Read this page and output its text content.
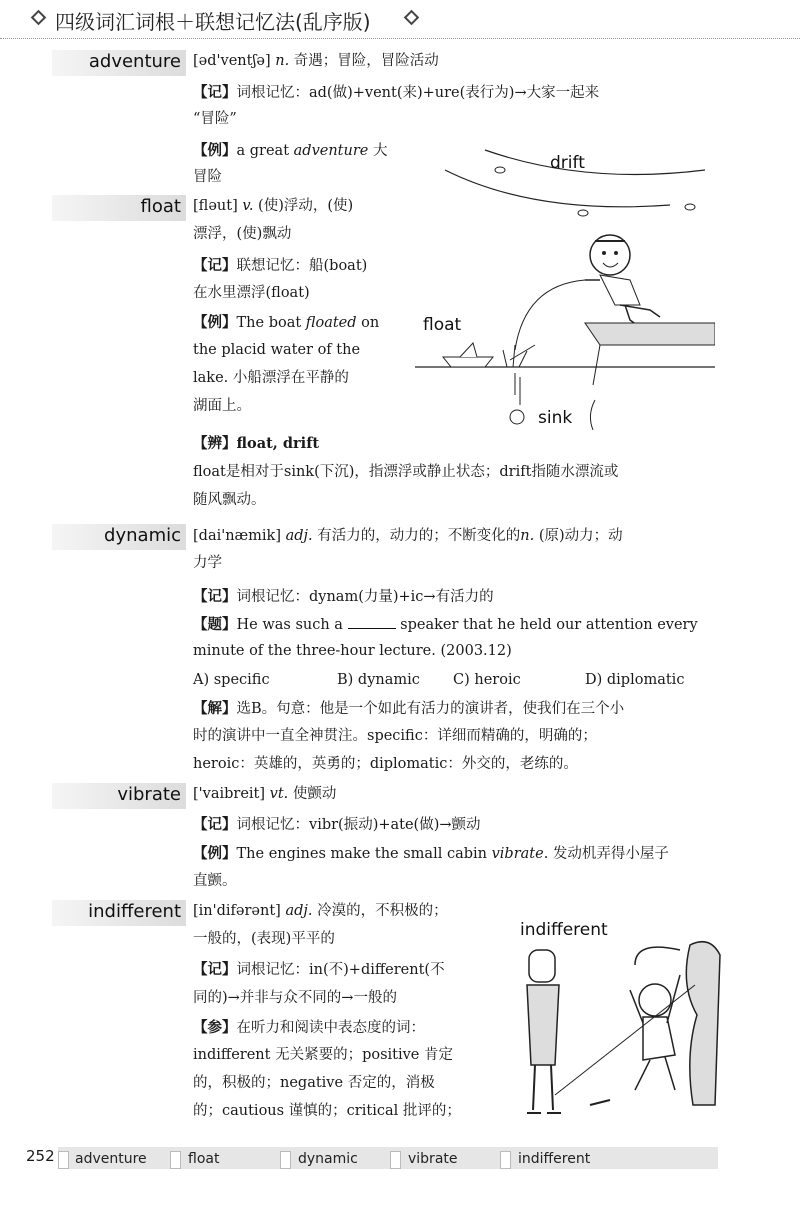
四级词汇词根＋联想记忆法(乱序版)
adventure [əd'ventʃə] n. 奇遇；冒险，冒险活动
【记】词根记忆：ad(做)+vent(来)+ure(表行为)→大家一起来
“冒险”
【例】a great adventure 大
冒险
float [fləut] v. (使)浮动，(使)
漂浮，(使)飘动
【记】联想记忆：船(boat)
在水里漂浮(float)
【例】The boat floated on
the placid water of the
lake. 小船漂浮在平静的
湖面上。
drift
float
sink
【辨】float, drift
float是相对于sink(下沉)，指漂浮或静止状态；drift指随水漂流或
随风飘动。
dynamic [dai'næmik] adj. 有活力的，动力的；不断变化的n. (原)动力；动
力学
【记】词根记忆：dynam(力量)+ic→有活力的
【题】He was such a	speaker that he held our attention every
minute of the three-hour lecture. (2003.12)
A) specific	B) dynamic C) heroic	D) diplomatic
【解】选B。句意：他是一个如此有活力的演讲者，使我们在三个小
时的演讲中一直全神贯注。specific：详细而精确的，明确的；
heroic：英雄的，英勇的；diplomatic：外交的，老练的。
vibrate ['vaibreit] vt. 使颤动
【记】词根记忆：vibr(振动)+ate(做)→颤动
【例】The engines make the small cabin vibrate. 发动机弄得小屋子
直颤。
indifferent [in'difərənt] adj. 冷漠的，不积极的；
一般的，(表现)平平的
【记】词根记忆：in(不)+different(不
同的)→并非与众不同的→一般的
【参】在听力和阅读中表态度的词：
indifferent 无关紧要的；positive 肯定
的，积极的；negative 否定的，消极
的；cautious 谨慎的；critical 批评的；
indifferent
252 adventure	float	dynamic	vibrate	indifferent
